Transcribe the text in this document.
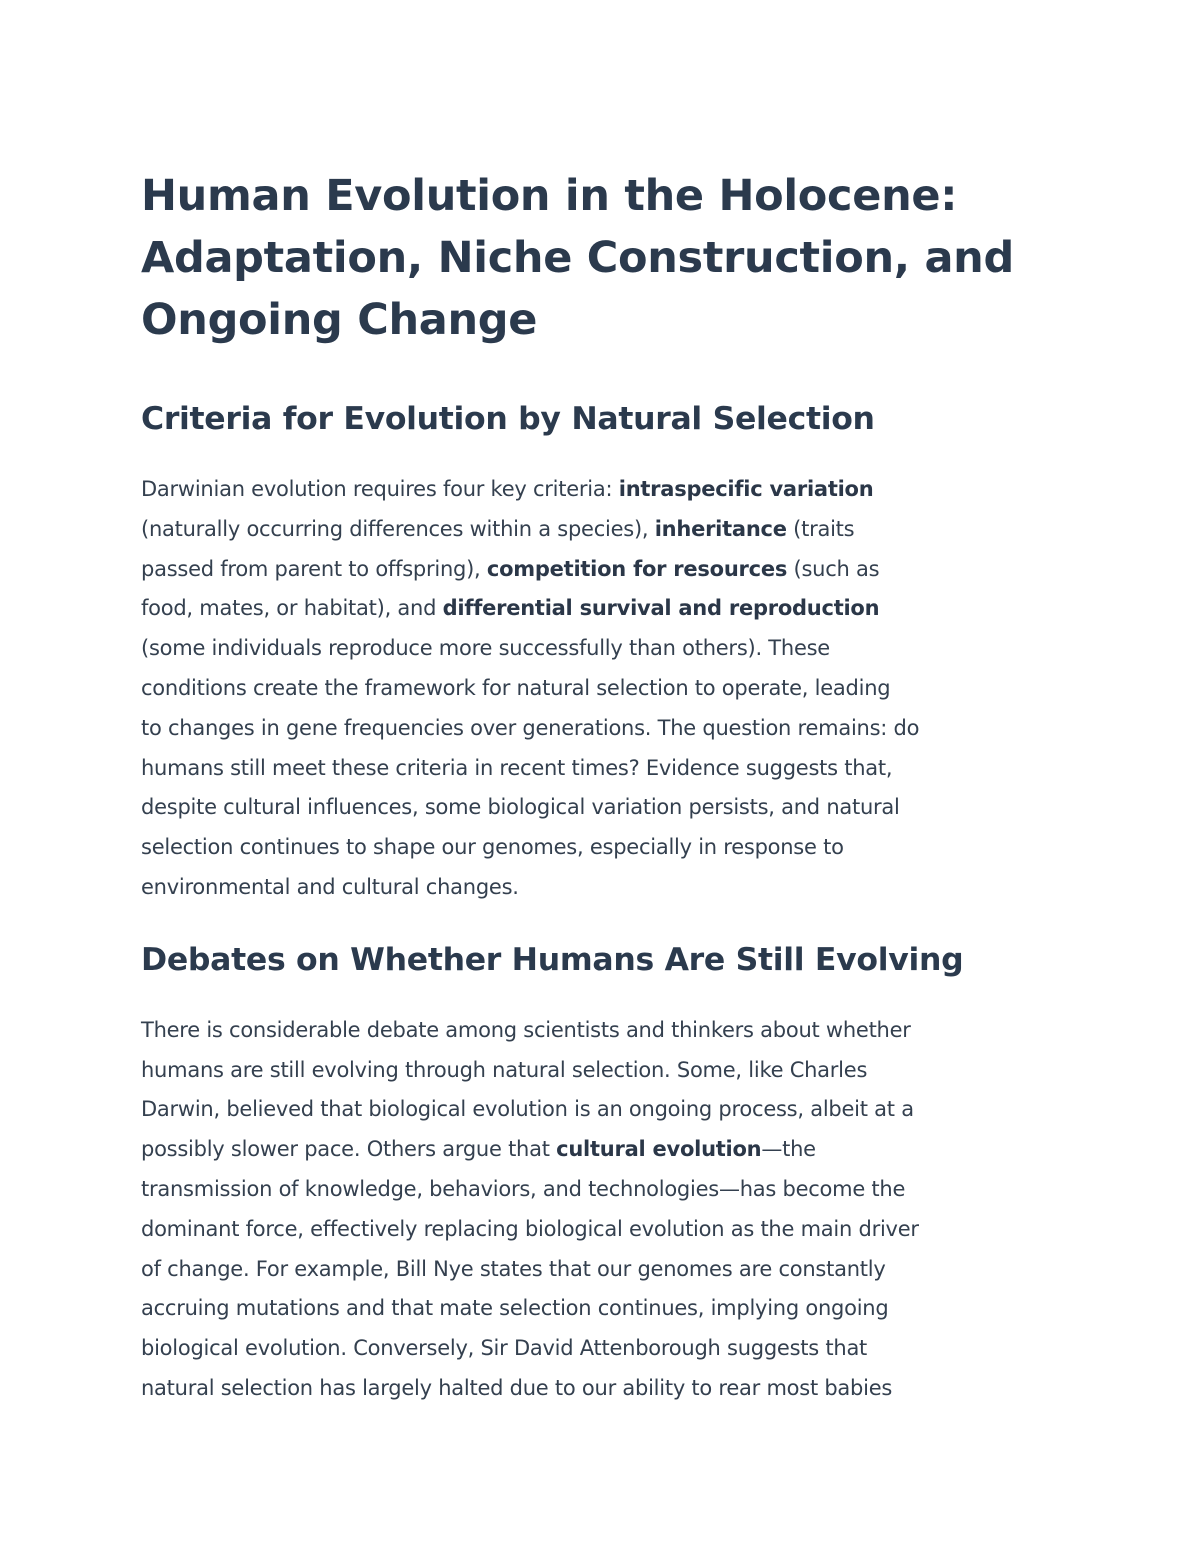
Human Evolution in the Holocene:
Adaptation, Niche Construction, and
Ongoing Change
Criteria for Evolution by Natural Selection

Darwinian evolution requires four key criteria: intraspecific variation
(naturally occurring differences within a species), inheritance (traits
passed from parent to offspring), competition for resources (such as
food, mates, or habitat), and differential survival and reproduction
(some individuals reproduce more successfully than others). These
conditions create the framework for natural selection to operate, leading
to changes in gene frequencies over generations. The question remains: do
humans still meet these criteria in recent times? Evidence suggests that,
despite cultural influences, some biological variation persists, and natural
selection continues to shape our genomes, especially in response to
environmental and cultural changes.

Debates on Whether Humans Are Still Evolving

There is considerable debate among scientists and thinkers about whether
humans are still evolving through natural selection. Some, like Charles
Darwin, believed that biological evolution is an ongoing process, albeit at a
possibly slower pace. Others argue that cultural evolution—the
transmission of knowledge, behaviors, and technologies—has become the
dominant force, effectively replacing biological evolution as the main driver
of change. For example, Bill Nye states that our genomes are constantly
accruing mutations and that mate selection continues, implying ongoing
biological evolution. Conversely, Sir David Attenborough suggests that
natural selection has largely halted due to our ability to rear most babies
